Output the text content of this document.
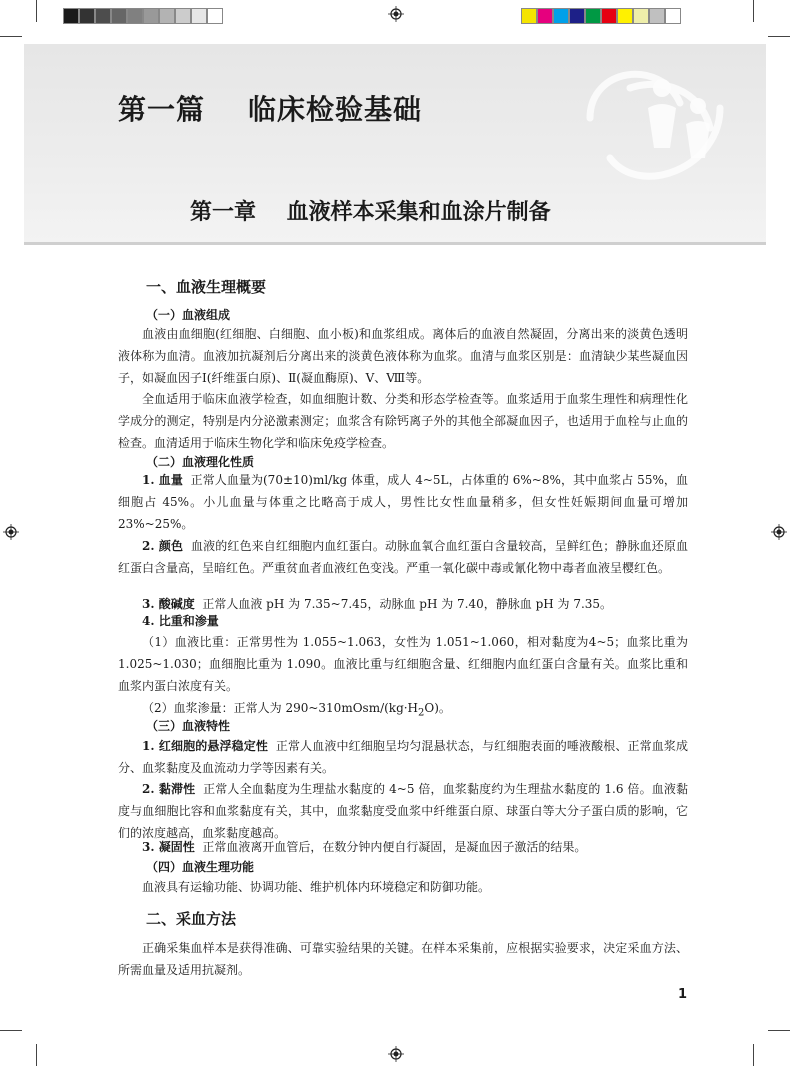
第一篇    临床检验基础
第一章    血液样本采集和血涂片制备
一、血液生理概要
（一）血液组成

血液由血细胞(红细胞、白细胞、血小板)和血浆组成。离体后的血液自然凝固，分离出来的淡黄色透明液体称为血清。血液加抗凝剂后分离出来的淡黄色液体称为血浆。血清与血浆区别是：血清缺少某些凝血因子，如凝血因子Ⅰ(纤维蛋白原)、Ⅱ(凝血酶原)、Ⅴ、Ⅷ等。

全血适用于临床血液学检查，如血细胞计数、分类和形态学检查等。血浆适用于血浆生理性和病理性化学成分的测定，特别是内分泌激素测定；血浆含有除钙离子外的其他全部凝血因子，也适用于血栓与止血的检查。血清适用于临床生物化学和临床免疫学检查。

（二）血液理化性质

1. 血量 正常人血量为(70±10)ml/kg 体重，成人 4~5L，占体重的 6%~8%，其中血浆占 55%，血细胞占 45%。小儿血量与体重之比略高于成人，男性比女性血量稍多，但女性妊娠期间血量可增加 23%~25%。

2. 颜色 血液的红色来自红细胞内血红蛋白。动脉血氧合血红蛋白含量较高，呈鲜红色；静脉血还原血红蛋白含量高，呈暗红色。严重贫血者血液红色变浅。严重一氧化碳中毒或氰化物中毒者血液呈樱红色。

3. 酸碱度 正常人血液 pH 为 7.35~7.45，动脉血 pH 为 7.40，静脉血 pH 为 7.35。

4. 比重和渗量

（1）血液比重：正常男性为 1.055~1.063，女性为 1.051~1.060，相对黏度为4~5；血浆比重为 1.025~1.030；血细胞比重为 1.090。血液比重与红细胞含量、红细胞内血红蛋白含量有关。血浆比重和血浆内蛋白浓度有关。

（2）血浆渗量：正常人为 $290\sim 310mOsm/(kg\cdot H_2O)$。

（三）血液特性

1. 红细胞的悬浮稳定性 正常人血液中红细胞呈均匀混悬状态，与红细胞表面的唾液酸根、正常血浆成分、血浆黏度及血流动力学等因素有关。

2. 黏滞性 正常人全血黏度为生理盐水黏度的 4~5 倍，血浆黏度约为生理盐水黏度的 1.6 倍。血液黏度与血细胞比容和血浆黏度有关，其中，血浆黏度受血浆中纤维蛋白原、球蛋白等大分子蛋白质的影响，它们的浓度越高，血浆黏度越高。

3. 凝固性 正常血液离开血管后，在数分钟内便自行凝固，是凝血因子激活的结果。

（四）血液生理功能

血液具有运输功能、协调功能、维护机体内环境稳定和防御功能。

二、采血方法

正确采集血样本是获得准确、可靠实验结果的关键。在样本采集前，应根据实验要求，决定采血方法、所需血量及适用抗凝剂。

1
